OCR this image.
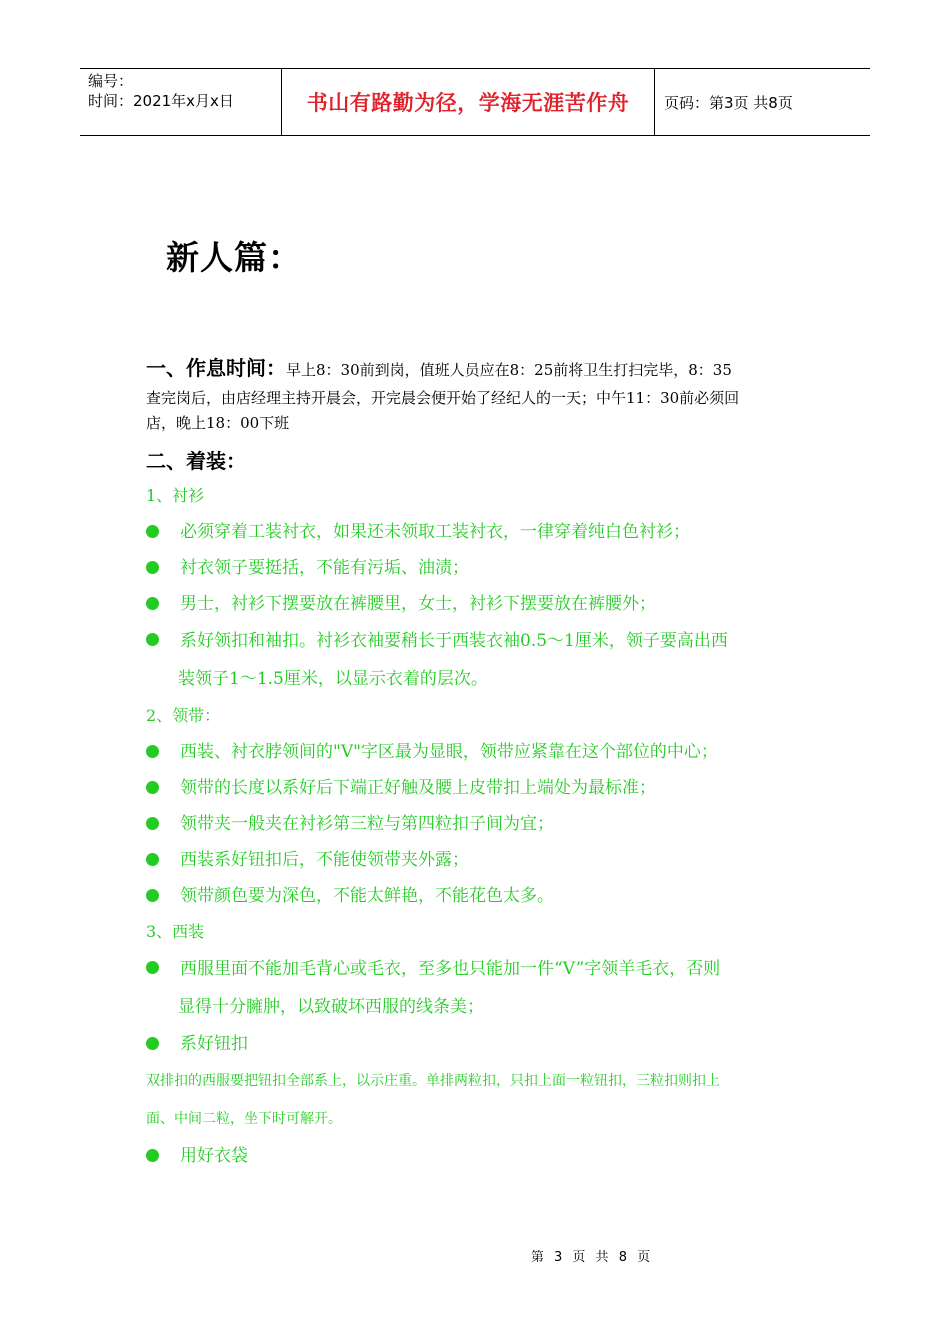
编号：
时间：2021年x月x日	书山有路勤为径，学海无涯苦作舟	页码：第3页 共8页
新人篇：
一、作息时间：早上8：30前到岗，值班人员应在8：25前将卫生打扫完毕，8：35
查完岗后，由店经理主持开晨会，开完晨会便开始了经纪人的一天；中午11：30前必须回
店，晚上18：00下班
二、着装：
1、衬衫
必须穿着工装衬衣，如果还未领取工装衬衣，一律穿着纯白色衬衫；
衬衣领子要挺括，不能有污垢、油渍；
男士，衬衫下摆要放在裤腰里，女士，衬衫下摆要放在裤腰外；
系好领扣和袖扣。衬衫衣袖要稍长于西装衣袖0.5～1厘米，领子要高出西
装领子1～1.5厘米，以显示衣着的层次。
2、领带：
西装、衬衣脖领间的"V"字区最为显眼，领带应紧靠在这个部位的中心；
领带的长度以系好后下端正好触及腰上皮带扣上端处为最标准；
领带夹一般夹在衬衫第三粒与第四粒扣子间为宜；
西装系好钮扣后，不能使领带夹外露；
领带颜色要为深色，不能太鲜艳，不能花色太多。
3、西装
西服里面不能加毛背心或毛衣，至多也只能加一件“V”字领羊毛衣，否则
显得十分臃肿，以致破坏西服的线条美；
系好钮扣
双排扣的西服要把钮扣全部系上，以示庄重。单排两粒扣，只扣上面一粒钮扣，三粒扣则扣上
面、中间二粒，坐下时可解开。
用好衣袋
第 3 页 共 8 页
